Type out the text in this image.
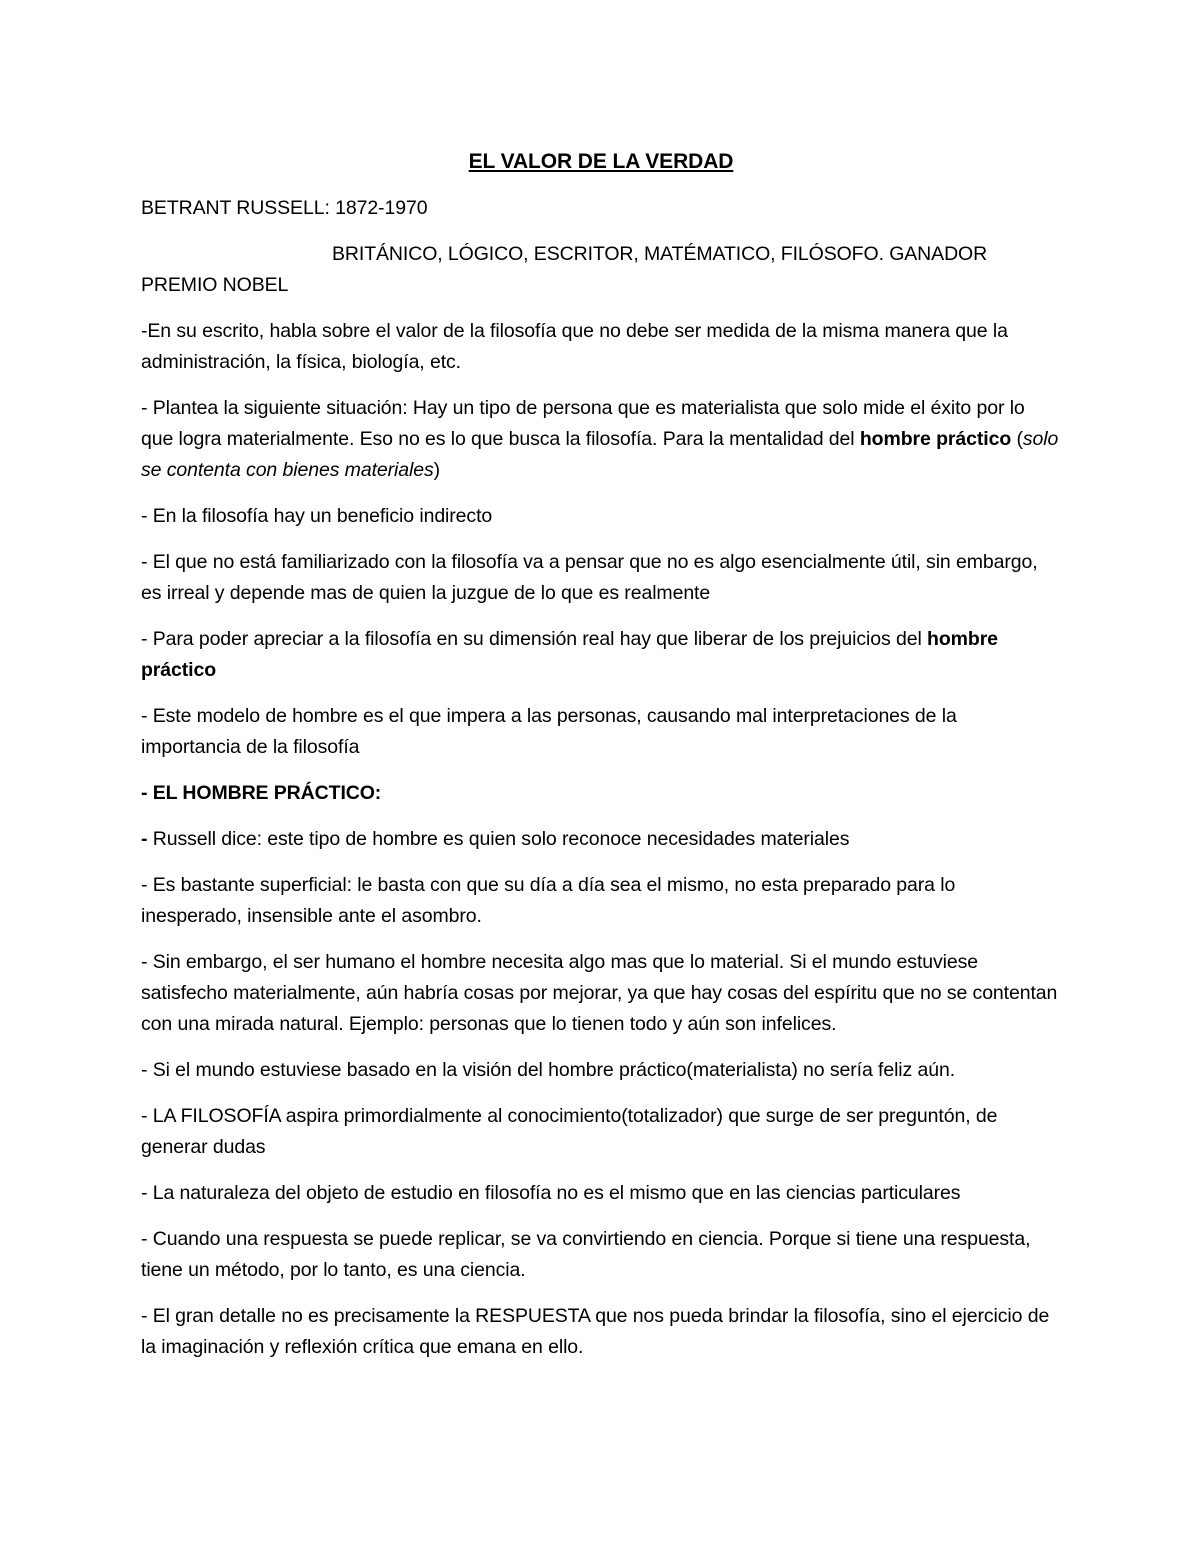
EL VALOR DE LA VERDAD
BETRANT RUSSELL: 1872-1970
BRITÁNICO, LÓGICO, ESCRITOR, MATÉMATICO, FILÓSOFO. GANADOR PREMIO NOBEL
-En su escrito, habla sobre el valor de la filosofía que no debe ser medida de la misma manera que la administración, la física, biología, etc.
- Plantea la siguiente situación: Hay un tipo de persona que es materialista que solo mide el éxito por lo que logra materialmente. Eso no es lo que busca la filosofía. Para la mentalidad del hombre práctico (solo se contenta con bienes materiales)
- En la filosofía hay un beneficio indirecto
- El que no está familiarizado con la filosofía va a pensar que no es algo esencialmente útil, sin embargo, es irreal y depende mas de quien la juzgue de lo que es realmente
- Para poder apreciar a la filosofía en su dimensión real hay que liberar de los prejuicios del hombre práctico
- Este modelo de hombre es el que impera a las personas, causando mal interpretaciones de la importancia de la filosofía
- EL HOMBRE PRÁCTICO:
- Russell dice: este tipo de hombre es quien solo reconoce necesidades materiales
- Es bastante superficial: le basta con que su día a día sea el mismo, no esta preparado para lo inesperado, insensible ante el asombro.
- Sin embargo, el ser humano el hombre necesita algo mas que lo material. Si el mundo estuviese satisfecho materialmente, aún habría cosas por mejorar, ya que hay cosas del espíritu que no se contentan con una mirada natural. Ejemplo: personas que lo tienen todo y aún son infelices.
- Si el mundo estuviese basado en la visión del hombre práctico(materialista) no sería feliz aún.
- LA FILOSOFÍA aspira primordialmente al conocimiento(totalizador) que surge de ser preguntón, de generar dudas
- La naturaleza del objeto de estudio en filosofía no es el mismo que en las ciencias particulares
- Cuando una respuesta se puede replicar, se va convirtiendo en ciencia. Porque si tiene una respuesta, tiene un método, por lo tanto, es una ciencia.
- El gran detalle no es precisamente la RESPUESTA que nos pueda brindar la filosofía, sino el ejercicio de la imaginación y reflexión crítica que emana en ello.
